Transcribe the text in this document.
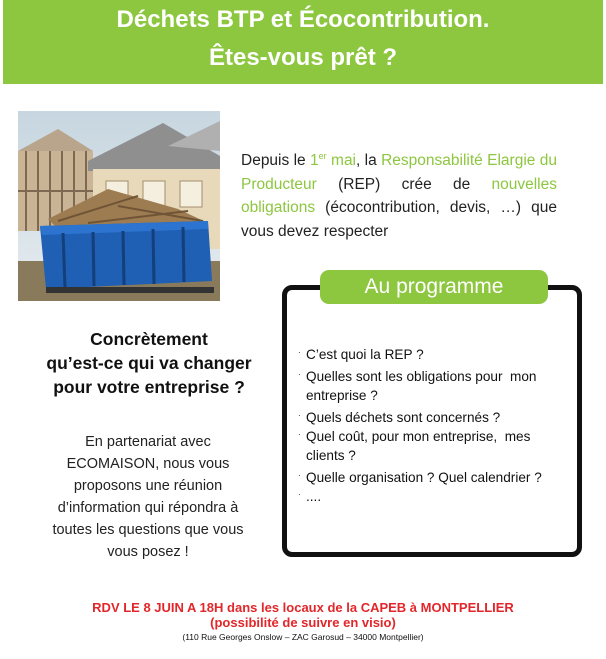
Déchets BTP et Écocontribution.
Êtes-vous prêt ?
Depuis le 1er mai, la Responsabilité Elargie du Producteur (REP) crée de nouvelles obligations (écocontribution, devis, …) que vous devez respecter
Au programme
· C’est quoi la REP ?
· Quelles sont les obligations pour  mon entreprise ?
· Quels déchets sont concernés ?
· Quel coût, pour mon entreprise,  mes clients ?
· Quelle organisation ? Quel calendrier ?
· ....
Concrètement
qu’est-ce qui va changer
pour votre entreprise ?
En partenariat avec
ECOMAISON, nous vous
proposons une réunion
d’information qui répondra à
toutes les questions que vous
vous posez !
RDV LE 8 JUIN A 18H dans les locaux de la CAPEB à MONTPELLIER
(possibilité de suivre en visio)
(110 Rue Georges Onslow – ZAC Garosud – 34000 Montpellier)
